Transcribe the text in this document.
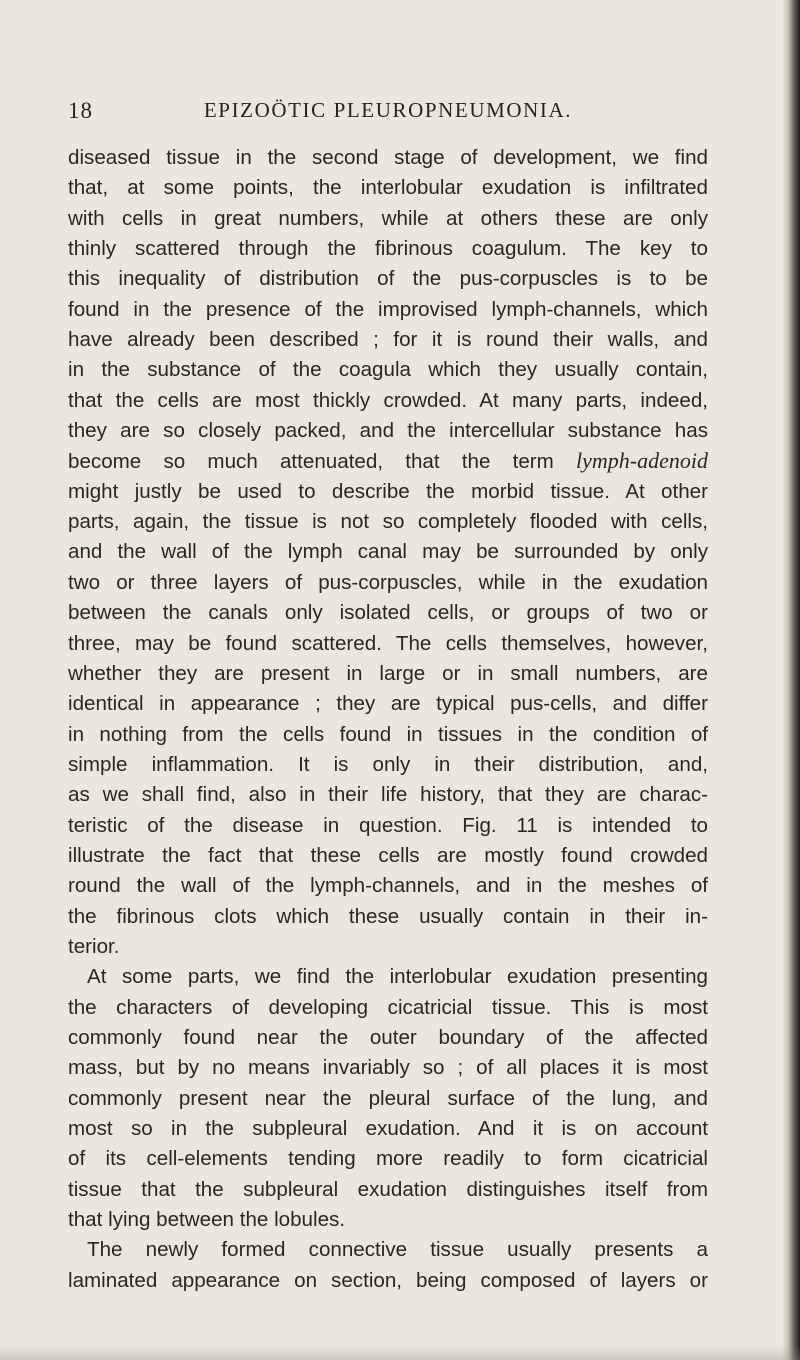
18	EPIZOÖTIC PLEUROPNEUMONIA.
diseased tissue in the second stage of development, we find
that, at some points, the interlobular exudation is infiltrated
with cells in great numbers, while at others these are only
thinly scattered through the fibrinous coagulum. The key to
this inequality of distribution of the pus-corpuscles is to be
found in the presence of the improvised lymph-channels, which
have already been described ; for it is round their walls, and
in the substance of the coagula which they usually contain,
that the cells are most thickly crowded. At many parts, indeed,
they are so closely packed, and the intercellular substance has
become so much attenuated, that the term lymph-adenoid
might justly be used to describe the morbid tissue. At other
parts, again, the tissue is not so completely flooded with cells,
and the wall of the lymph canal may be surrounded by only
two or three layers of pus-corpuscles, while in the exudation
between the canals only isolated cells, or groups of two or
three, may be found scattered. The cells themselves, however,
whether they are present in large or in small numbers, are
identical in appearance ; they are typical pus-cells, and differ
in nothing from the cells found in tissues in the condition of
simple inflammation. It is only in their distribution, and,
as we shall find, also in their life history, that they are charac-
teristic of the disease in question. Fig. 11 is intended to
illustrate the fact that these cells are mostly found crowded
round the wall of the lymph-channels, and in the meshes of
the fibrinous clots which these usually contain in their in-
terior.
At some parts, we find the interlobular exudation presenting
the characters of developing cicatricial tissue. This is most
commonly found near the outer boundary of the affected
mass, but by no means invariably so ; of all places it is most
commonly present near the pleural surface of the lung, and
most so in the subpleural exudation. And it is on account
of its cell-elements tending more readily to form cicatricial
tissue that the subpleural exudation distinguishes itself from
that lying between the lobules.
The newly formed connective tissue usually presents a
laminated appearance on section, being composed of layers or
